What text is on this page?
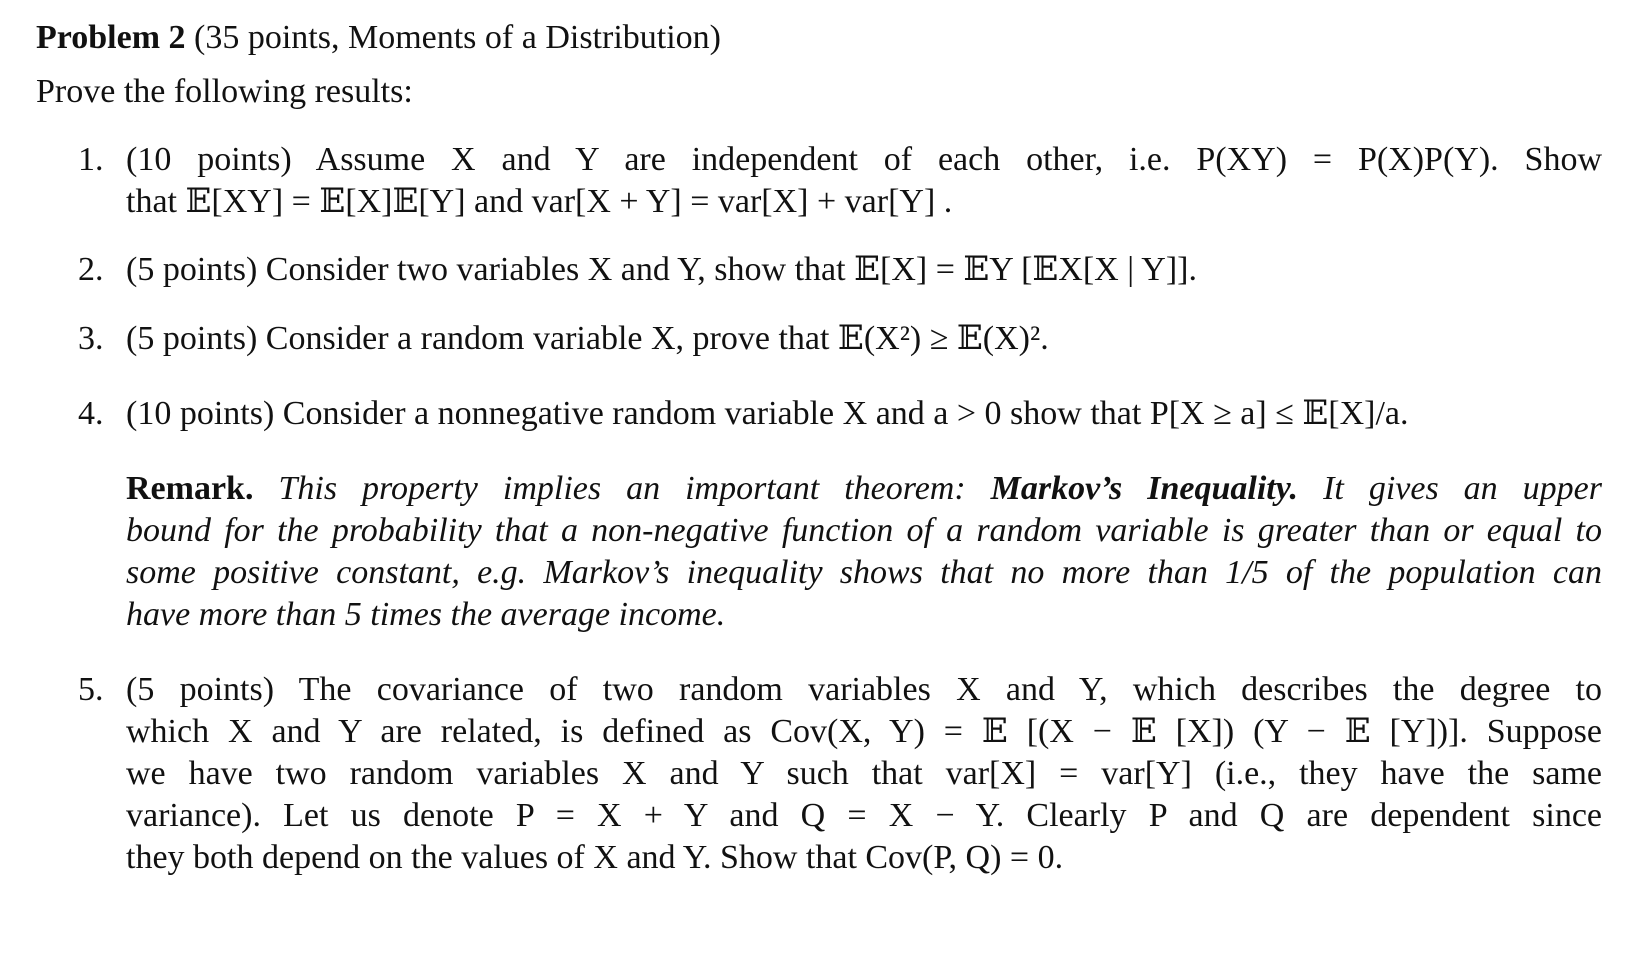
Problem 2 (35 points, Moments of a Distribution)
Prove the following results:
1. (10 points) Assume X and Y are independent of each other, i.e. P(XY) = P(X)P(Y). Show
that 𝔼[XY] = 𝔼[X]𝔼[Y] and var[X + Y] = var[X] + var[Y] .
2. (5 points) Consider two variables X and Y, show that 𝔼[X] = 𝔼Y [𝔼X[X | Y]].
3. (5 points) Consider a random variable X, prove that 𝔼(X²) ≥ 𝔼(X)².
4. (10 points) Consider a nonnegative random variable X and a > 0 show that P[X ≥ a] ≤ 𝔼[X]/a.
Remark. This property implies an important theorem: Markov’s Inequality. It gives an upper
bound for the probability that a non-negative function of a random variable is greater than or equal to
some positive constant, e.g. Markov’s inequality shows that no more than 1/5 of the population can
have more than 5 times the average income.
5. (5 points) The covariance of two random variables X and Y, which describes the degree to
which X and Y are related, is defined as Cov(X, Y) = 𝔼 [(X − 𝔼 [X]) (Y − 𝔼 [Y])]. Suppose
we have two random variables X and Y such that var[X] = var[Y] (i.e., they have the same
variance). Let us denote P = X + Y and Q = X − Y. Clearly P and Q are dependent since
they both depend on the values of X and Y. Show that Cov(P, Q) = 0.
